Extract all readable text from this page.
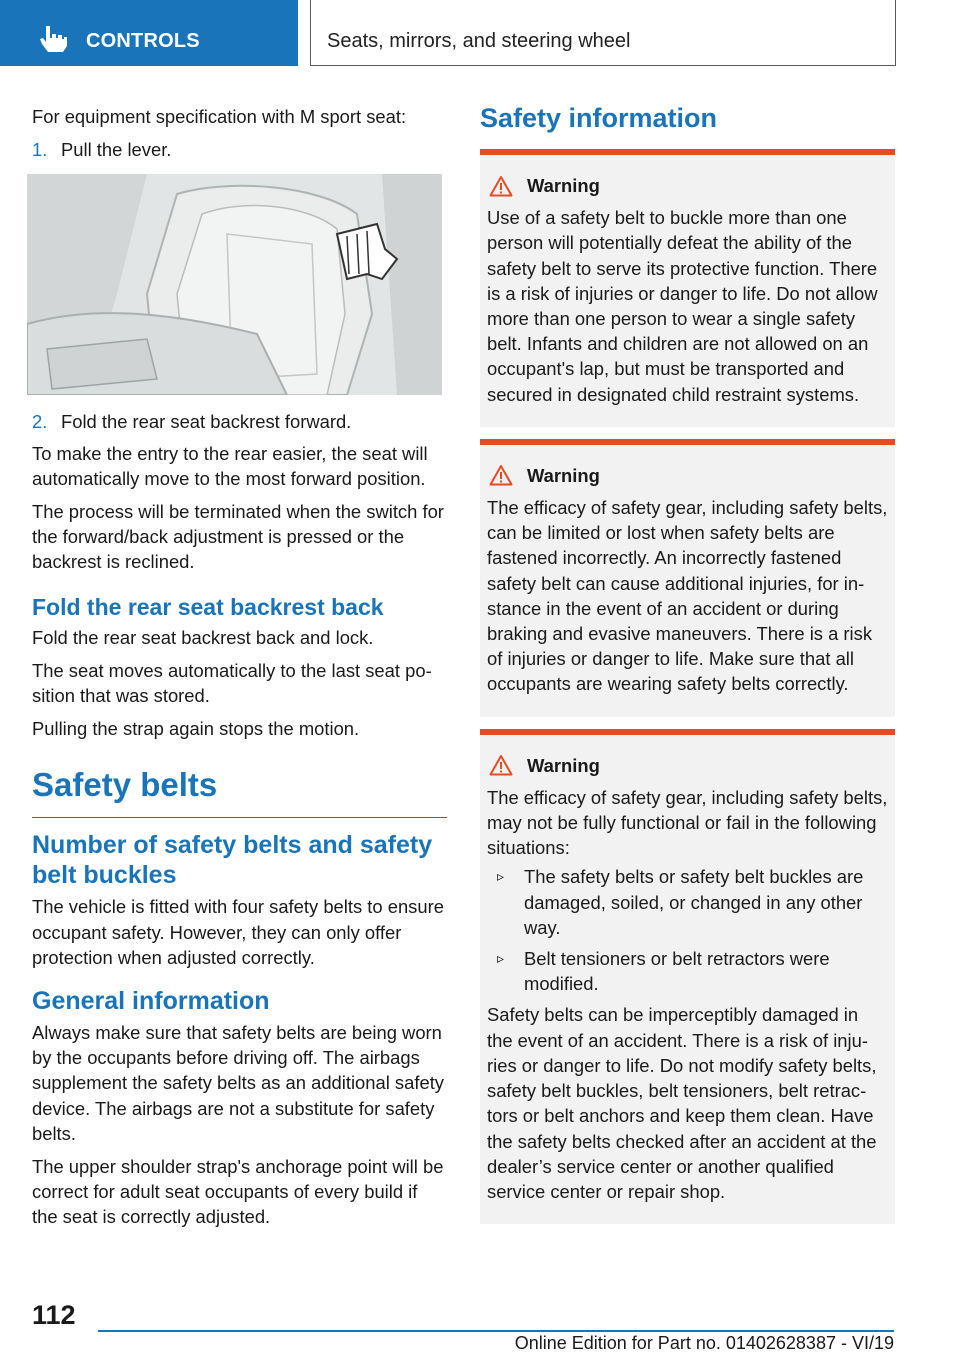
CONTROLS	Seats, mirrors, and steering wheel
For equipment specification with M sport seat:
1. Pull the lever.
2. Fold the rear seat backrest forward.
To make the entry to the rear easier, the seat will automatically move to the most forward position.
The process will be terminated when the switch for the forward/back adjustment is pressed or the backrest is reclined.
Fold the rear seat backrest back
Fold the rear seat backrest back and lock.
The seat moves automatically to the last seat position that was stored.
Pulling the strap again stops the motion.
Safety belts
Number of safety belts and safety belt buckles
The vehicle is fitted with four safety belts to ensure occupant safety. However, they can only offer protection when adjusted correctly.
General information
Always make sure that safety belts are being worn by the occupants before driving off. The airbags supplement the safety belts as an additional safety device. The airbags are not a substitute for safety belts.
The upper shoulder strap's anchorage point will be correct for adult seat occupants of every build if the seat is correctly adjusted.
Safety information
Warning
Use of a safety belt to buckle more than one person will potentially defeat the ability of the safety belt to serve its protective function. There is a risk of injuries or danger to life. Do not allow more than one person to wear a single safety belt. Infants and children are not allowed on an occupant's lap, but must be transported and secured in designated child restraint systems.
Warning
The efficacy of safety gear, including safety belts, can be limited or lost when safety belts are fastened incorrectly. An incorrectly fastened safety belt can cause additional injuries, for instance in the event of an accident or during braking and evasive maneuvers. There is a risk of injuries or danger to life. Make sure that all occupants are wearing safety belts correctly.
Warning
The efficacy of safety gear, including safety belts, may not be fully functional or fail in the following situations:
▹	The safety belts or safety belt buckles are damaged, soiled, or changed in any other way.
▹	Belt tensioners or belt retractors were modified.
Safety belts can be imperceptibly damaged in the event of an accident. There is a risk of injuries or danger to life. Do not modify safety belts, safety belt buckles, belt tensioners, belt retractors or belt anchors and keep them clean. Have the safety belts checked after an accident at the dealer’s service center or another qualified service center or repair shop.
112
Online Edition for Part no. 01402628387 - VI/19
